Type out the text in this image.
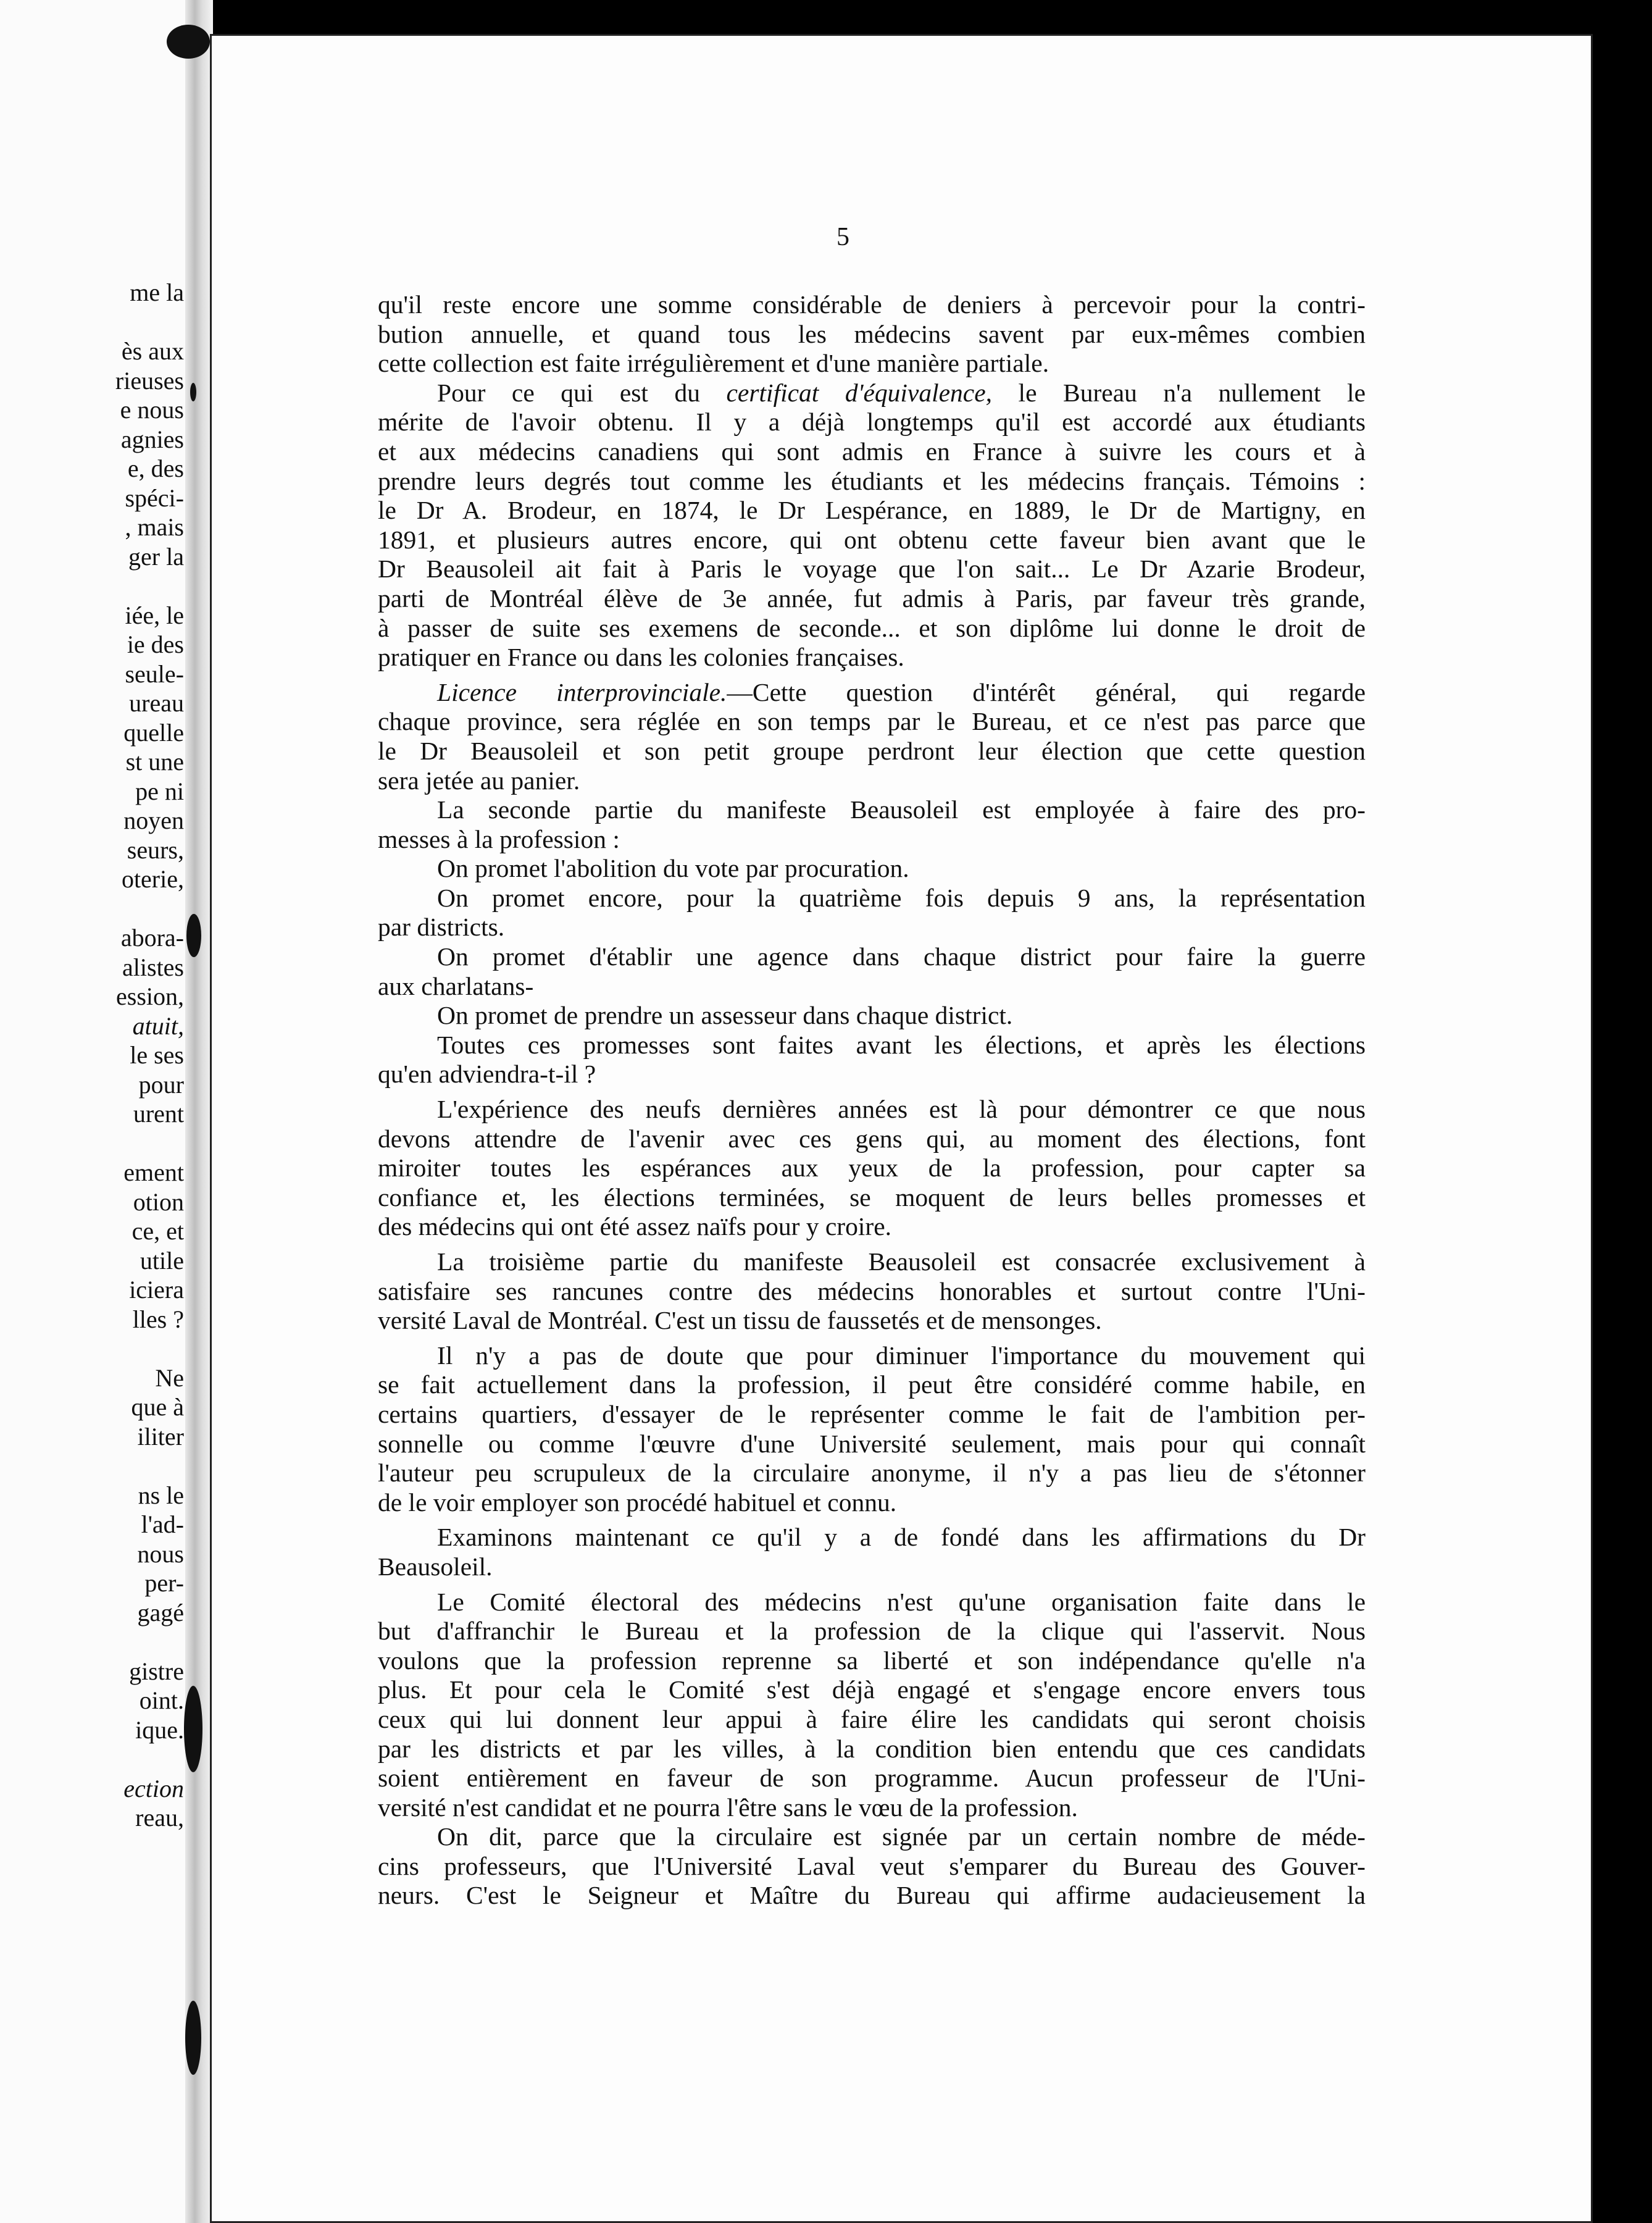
me la
ès aux
rieuses
e nous
agnies
e, des
spéci-
, mais
ger la
iée, le
ie des
seule-
ureau
quelle
st une
pe ni
noyen
seurs,
oterie,
abora-
alistes
ession,
atuit,
le ses
pour
urent
ement
otion
ce, et
utile
iciera
lles ?
Ne
que à
iliter
ns le
l'ad-
nous
per-
gagé
gistre
oint.
ique.
ection
reau,
5
qu'il reste encore une somme considérable de deniers à percevoir pour la contri-
bution annuelle, et quand tous les médecins savent par eux-mêmes combien
cette collection est faite irrégulièrement et d'une manière partiale.
Pour ce qui est du certificat d'équivalence, le Bureau n'a nullement le
mérite de l'avoir obtenu. Il y a déjà longtemps qu'il est accordé aux étudiants
et aux médecins canadiens qui sont admis en France à suivre les cours et à
prendre leurs degrés tout comme les étudiants et les médecins français. Témoins :
le Dr A. Brodeur, en 1874, le Dr Lespérance, en 1889, le Dr de Martigny, en
1891, et plusieurs autres encore, qui ont obtenu cette faveur bien avant que le
Dr Beausoleil ait fait à Paris le voyage que l'on sait... Le Dr Azarie Brodeur,
parti de Montréal élève de 3e année, fut admis à Paris, par faveur très grande,
à passer de suite ses exemens de seconde... et son diplôme lui donne le droit de
pratiquer en France ou dans les colonies françaises.
Licence interprovinciale.—Cette question d'intérêt général, qui regarde
chaque province, sera réglée en son temps par le Bureau, et ce n'est pas parce que
le Dr Beausoleil et son petit groupe perdront leur élection que cette question
sera jetée au panier.
La seconde partie du manifeste Beausoleil est employée à faire des pro-
messes à la profession :
On promet l'abolition du vote par procuration.
On promet encore, pour la quatrième fois depuis 9 ans, la représentation
par districts.
On promet d'établir une agence dans chaque district pour faire la guerre
aux charlatans-
On promet de prendre un assesseur dans chaque district.
Toutes ces promesses sont faites avant les élections, et après les élections
qu'en adviendra-t-il ?
L'expérience des neufs dernières années est là pour démontrer ce que nous
devons attendre de l'avenir avec ces gens qui, au moment des élections, font
miroiter toutes les espérances aux yeux de la profession, pour capter sa
confiance et, les élections terminées, se moquent de leurs belles promesses et
des médecins qui ont été assez naïfs pour y croire.
La troisième partie du manifeste Beausoleil est consacrée exclusivement à
satisfaire ses rancunes contre des médecins honorables et surtout contre l'Uni-
versité Laval de Montréal. C'est un tissu de faussetés et de mensonges.
Il n'y a pas de doute que pour diminuer l'importance du mouvement qui
se fait actuellement dans la profession, il peut être considéré comme habile, en
certains quartiers, d'essayer de le représenter comme le fait de l'ambition per-
sonnelle ou comme l'œuvre d'une Université seulement, mais pour qui connaît
l'auteur peu scrupuleux de la circulaire anonyme, il n'y a pas lieu de s'étonner
de le voir employer son procédé habituel et connu.
Examinons maintenant ce qu'il y a de fondé dans les affirmations du Dr
Beausoleil.
Le Comité électoral des médecins n'est qu'une organisation faite dans le
but d'affranchir le Bureau et la profession de la clique qui l'asservit. Nous
voulons que la profession reprenne sa liberté et son indépendance qu'elle n'a
plus. Et pour cela le Comité s'est déjà engagé et s'engage encore envers tous
ceux qui lui donnent leur appui à faire élire les candidats qui seront choisis
par les districts et par les villes, à la condition bien entendu que ces candidats
soient entièrement en faveur de son programme. Aucun professeur de l'Uni-
versité n'est candidat et ne pourra l'être sans le vœu de la profession.
On dit, parce que la circulaire est signée par un certain nombre de méde-
cins professeurs, que l'Université Laval veut s'emparer du Bureau des Gouver-
neurs. C'est le Seigneur et Maître du Bureau qui affirme audacieusement la
